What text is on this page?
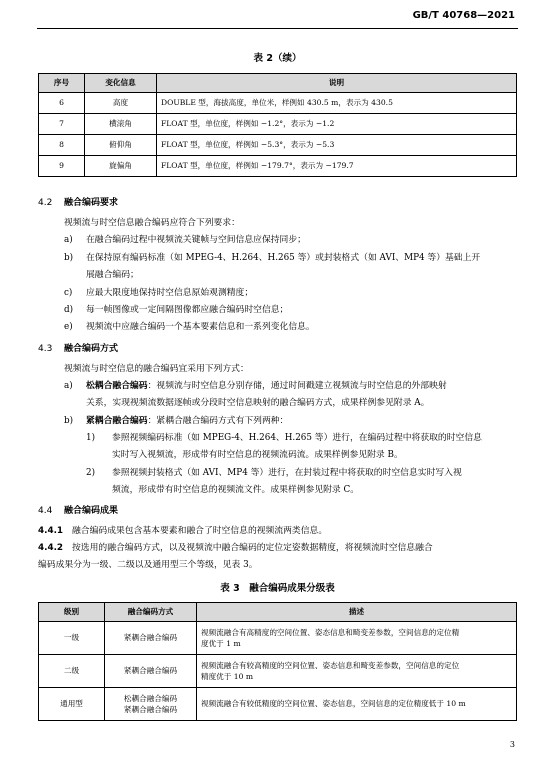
GB/T 40768—2021
表 2（续）
序号	变化信息	说明
6	高度	DOUBLE 型，海拔高度，单位米，样例如 430.5 m，表示为 430.5
7	横滚角	FLOAT 型，单位度，样例如 −1.2°，表示为 −1.2
8	俯仰角	FLOAT 型，单位度，样例如 −5.3°，表示为 −5.3
9	旋偏角	FLOAT 型，单位度，样例如 −179.7°，表示为 −179.7
4.2 融合编码要求
视频流与时空信息融合编码应符合下列要求：
a) 在融合编码过程中视频流关键帧与空间信息应保持同步；
b) 在保持原有编码标准（如 MPEG-4、H.264、H.265 等）或封装格式（如 AVI、MP4 等）基础上开
展融合编码；
c) 应最大限度地保持时空信息原始观测精度；
d) 每一帧图像或一定间隔图像都应融合编码时空信息；
e) 视频流中应融合编码一个基本要素信息和一系列变化信息。
4.3 融合编码方式
视频流与时空信息的融合编码宜采用下列方式：
a) 松耦合融合编码：视频流与时空信息分别存储，通过时间戳建立视频流与时空信息的外部映射
关系，实现视频流数据逐帧或分段时空信息映射的融合编码方式，成果样例参见附录 A。
b) 紧耦合融合编码：紧耦合融合编码方式有下列两种：
1) 参照视频编码标准（如 MPEG-4、H.264、H.265 等）进行，在编码过程中将获取的时空信息
实时写入视频流，形成带有时空信息的视频流码流。成果样例参见附录 B。
2) 参照视频封装格式（如 AVI、MP4 等）进行，在封装过程中将获取的时空信息实时写入视
频流，形成带有时空信息的视频流文件。成果样例参见附录 C。
4.4 融合编码成果
4.4.1 融合编码成果包含基本要素和融合了时空信息的视频流两类信息。
4.4.2 按选用的融合编码方式，以及视频流中融合编码的定位定姿数据精度，将视频流时空信息融合
编码成果分为一级、二级以及通用型三个等级，见表 3。
表 3　融合编码成果分级表
级别	融合编码方式	描述
一级	紧耦合融合编码	视频流融合有高精度的空间位置、姿态信息和畸变差参数，空间信息的定位精
度优于 1 m
二级	紧耦合融合编码	视频流融合有较高精度的空间位置、姿态信息和畸变差参数，空间信息的定位
精度优于 10 m
通用型	松耦合融合编码
紧耦合融合编码	视频流融合有较低精度的空间位置、姿态信息，空间信息的定位精度低于 10 m
3
